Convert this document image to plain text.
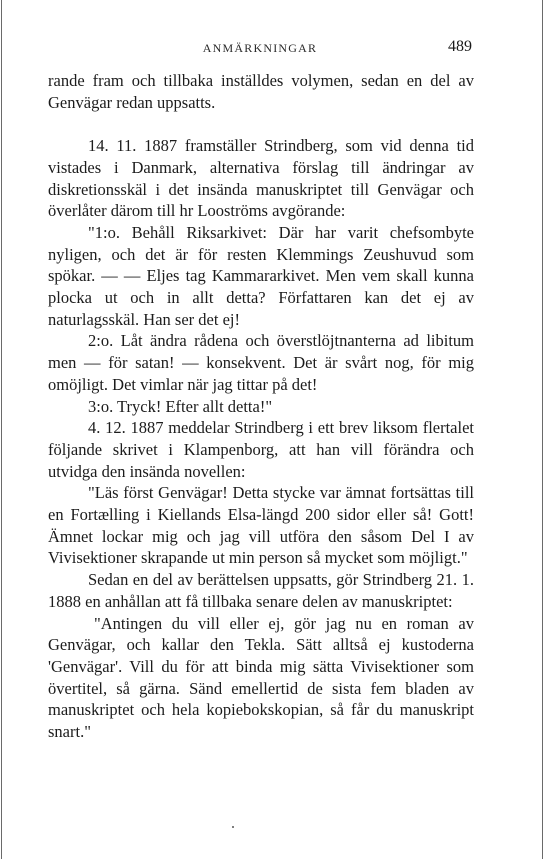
ANMÄRKNINGAR	489

rande fram och tillbaka inställdes volymen, sedan en del av Genvägar redan uppsatts.

14. 11. 1887 framställer Strindberg, som vid denna tid vistades i Danmark, alternativa förslag till ändringar av diskretionsskäl i det insända manuskriptet till Genvägar och överlåter därom till hr Looströms avgörande:

"1:o. Behåll Riksarkivet: Där har varit chefsombyte nyligen, och det är för resten Klemmings Zeushuvud som spökar. — — Eljes tag Kammararkivet. Men vem skall kunna plocka ut och in allt detta? Författaren kan det ej av naturlagsskäl. Han ser det ej!

2:o. Låt ändra rådena och överstlöjtnanterna ad libitum men — för satan! — konsekvent. Det är svårt nog, för mig omöjligt. Det vimlar när jag tittar på det!

3:o. Tryck! Efter allt detta!"

4. 12. 1887 meddelar Strindberg i ett brev liksom flertalet följande skrivet i Klampenborg, att han vill förändra och utvidga den insända novellen:

"Läs först Genvägar! Detta stycke var ämnat fortsättas till en Fortælling i Kiellands Elsa-längd 200 sidor eller så! Gott! Ämnet lockar mig och jag vill utföra den såsom Del I av Vivisektioner skrapande ut min person så mycket som möjligt."

Sedan en del av berättelsen uppsatts, gör Strindberg 21. 1. 1888 en anhållan att få tillbaka senare delen av manuskriptet:

"Antingen du vill eller ej, gör jag nu en roman av Genvägar, och kallar den Tekla. Sätt alltså ej kustoderna 'Genvägar'. Vill du för att binda mig sätta Vivisektioner som övertitel, så gärna. Sänd emellertid de sista fem bladen av manuskriptet och hela kopiebokskopian, så får du manuskript snart."
